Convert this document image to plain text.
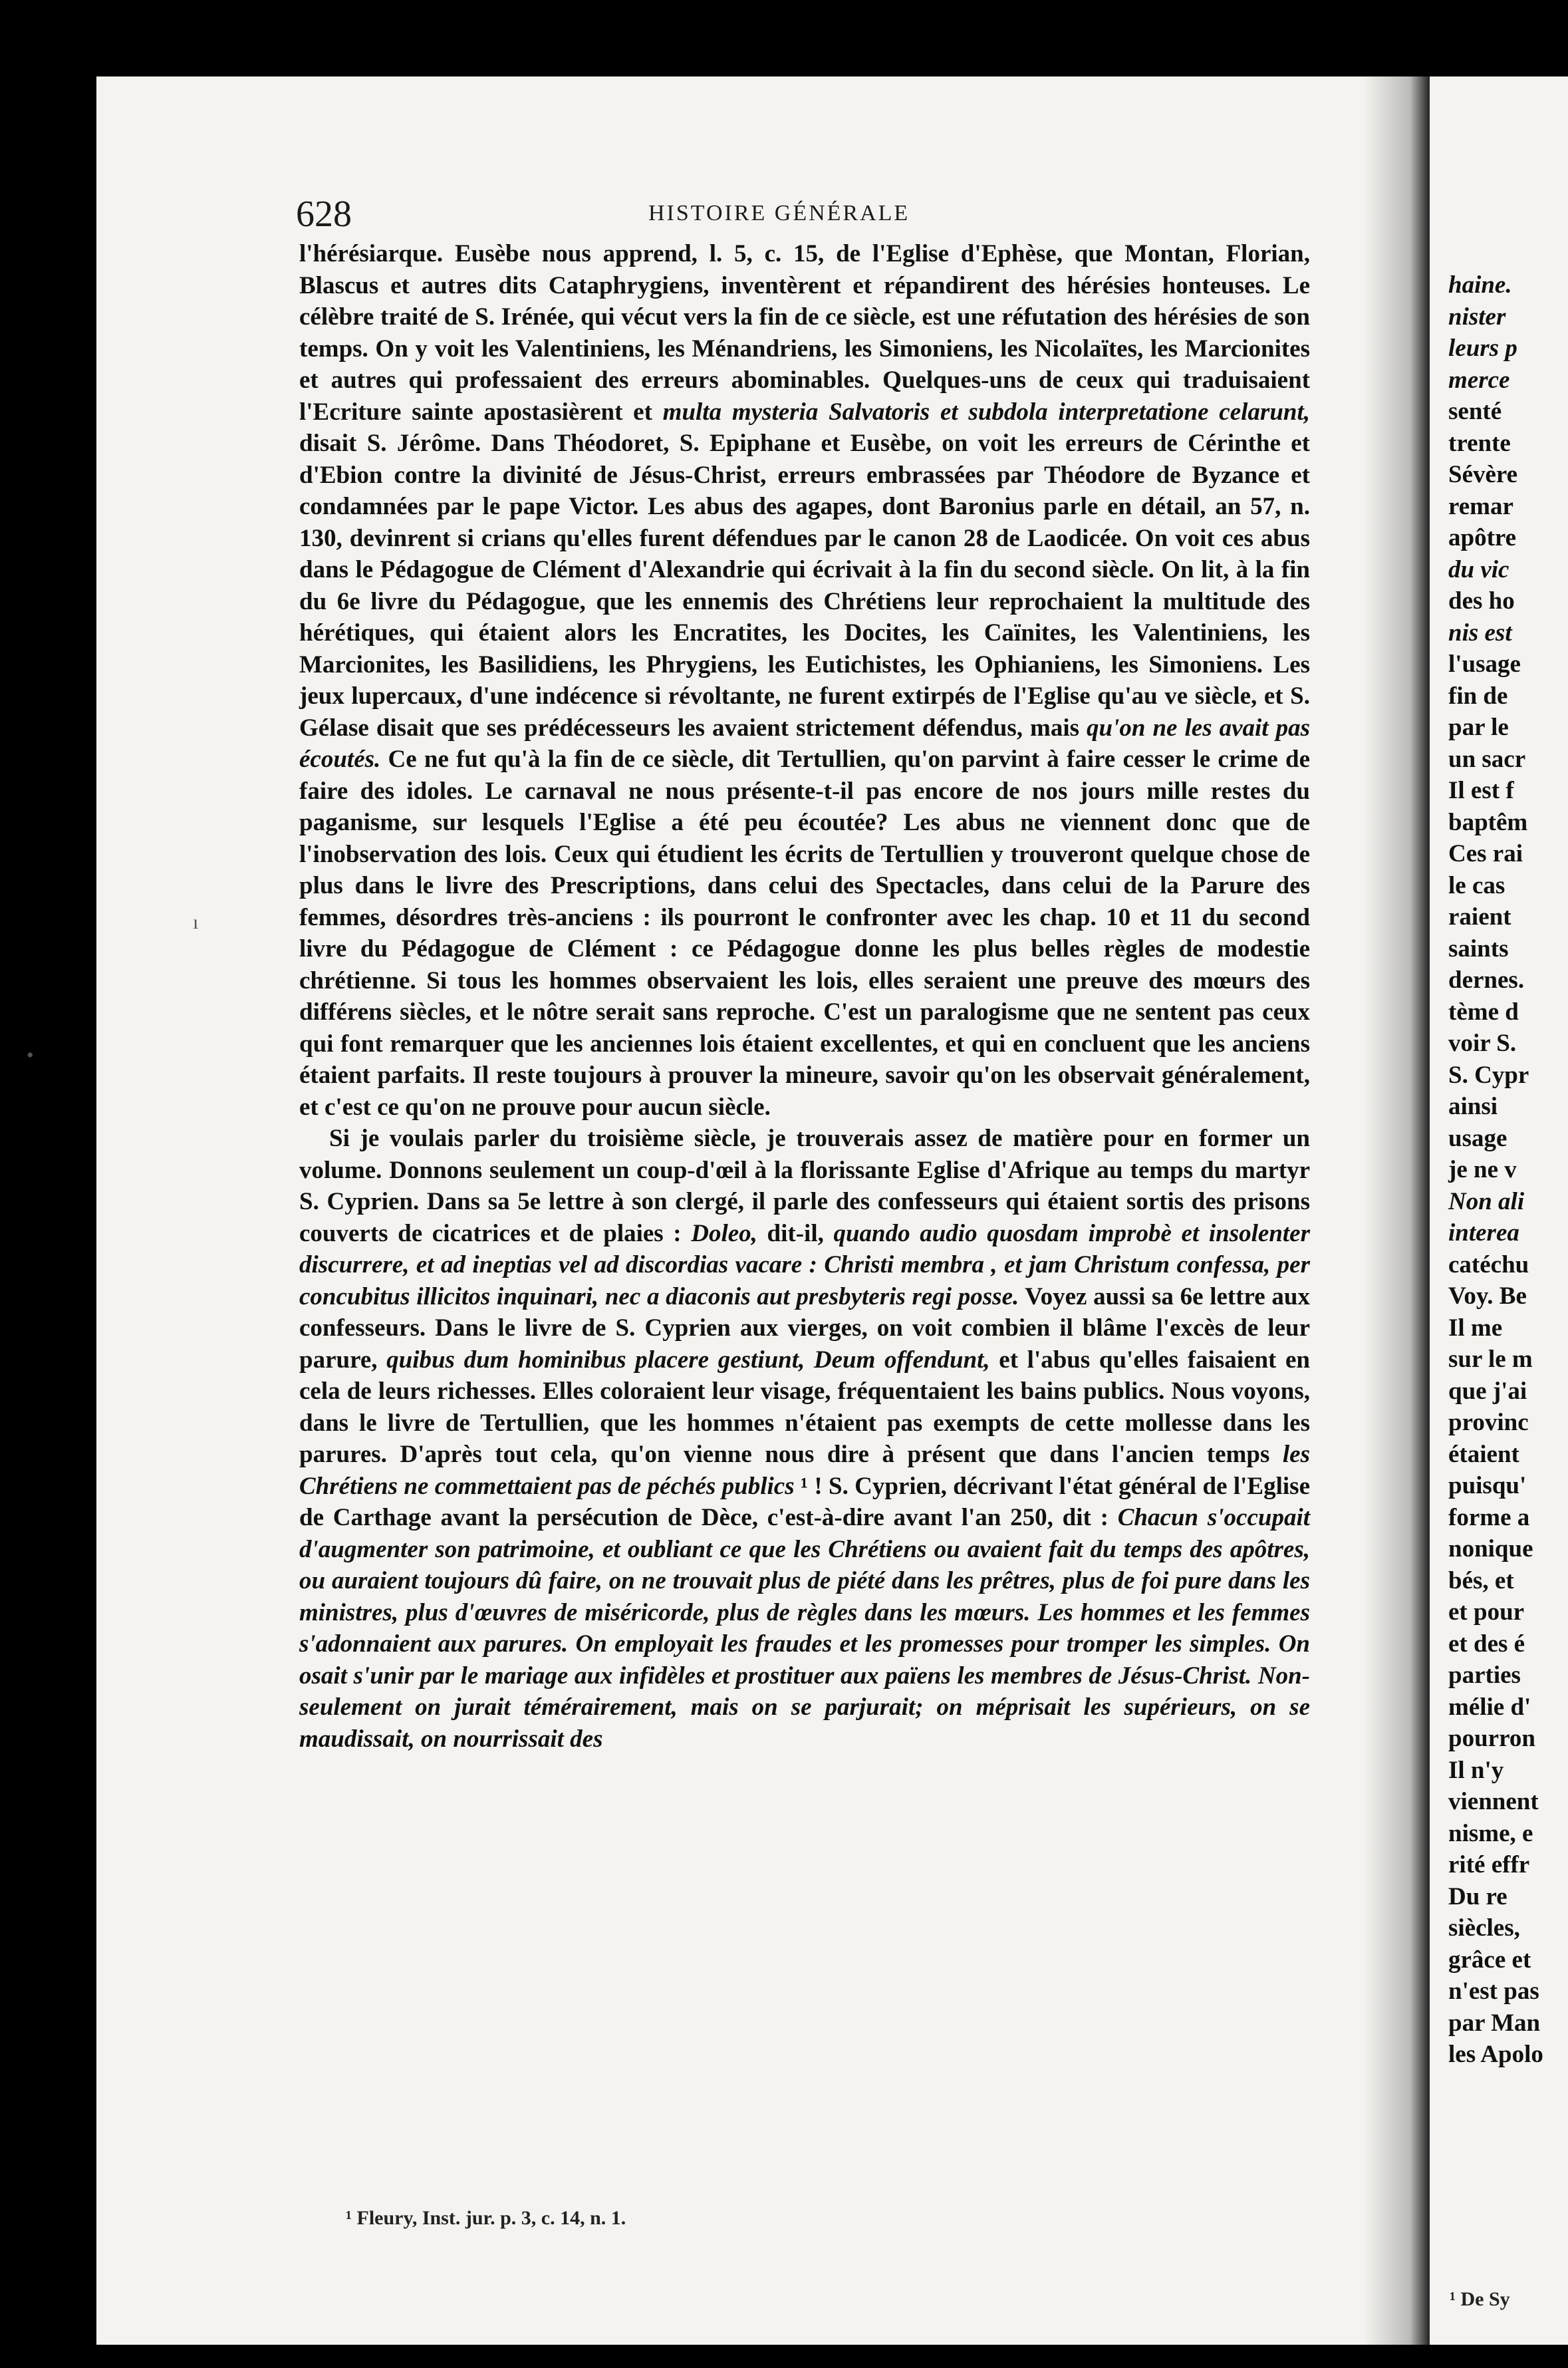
628	HISTOIRE GÉNÉRALE

l'hérésiarque. Eusèbe nous apprend, l. 5, c. 15, de l'Eglise d'Ephèse, que Montan, Florian, Blascus et autres dits Cataphrygiens, inventèrent et répandirent des hérésies honteuses. Le célèbre traité de S. Irénée, qui vécut vers la fin de ce siècle, est une réfutation des hérésies de son temps. On y voit les Valentiniens, les Ménandriens, les Simoniens, les Nicolaïtes, les Marcionites et autres qui professaient des erreurs abominables. Quelques-uns de ceux qui traduisaient l'Ecriture sainte apostasièrent et multa mysteria Salvatoris et subdola interpretatione celarunt, disait S. Jérôme. Dans Théodoret, S. Epiphane et Eusèbe, on voit les erreurs de Cérinthe et d'Ebion contre la divinité de Jésus-Christ, erreurs embrassées par Théodore de Byzance et condamnées par le pape Victor. Les abus des agapes, dont Baronius parle en détail, an 57, n. 130, devinrent si crians qu'elles furent défendues par le canon 28 de Laodicée. On voit ces abus dans le Pédagogue de Clément d'Alexandrie qui écrivait à la fin du second siècle. On lit, à la fin du 6e livre du Pédagogue, que les ennemis des Chrétiens leur reprochaient la multitude des hérétiques, qui étaient alors les Encratites, les Docites, les Caïnites, les Valentiniens, les Marcionites, les Basilidiens, les Phrygiens, les Eutichistes, les Ophianiens, les Simoniens. Les jeux lupercaux, d'une indécence si révoltante, ne furent extirpés de l'Eglise qu'au ve siècle, et S. Gélase disait que ses prédécesseurs les avaient strictement défendus, mais qu'on ne les avait pas écoutés. Ce ne fut qu'à la fin de ce siècle, dit Tertullien, qu'on parvint à faire cesser le crime de faire des idoles. Le carnaval ne nous présente-t-il pas encore de nos jours mille restes du paganisme, sur lesquels l'Eglise a été peu écoutée? Les abus ne viennent donc que de l'inobservation des lois. Ceux qui étudient les écrits de Tertullien y trouveront quelque chose de plus dans le livre des Prescriptions, dans celui des Spectacles, dans celui de la Parure des femmes, désordres très-anciens : ils pourront le confronter avec les chap. 10 et 11 du second livre du Pédagogue de Clément : ce Pédagogue donne les plus belles règles de modestie chrétienne. Si tous les hommes observaient les lois, elles seraient une preuve des mœurs des différens siècles, et le nôtre serait sans reproche. C'est un paralogisme que ne sentent pas ceux qui font remarquer que les anciennes lois étaient excellentes, et qui en concluent que les anciens étaient parfaits. Il reste toujours à prouver la mineure, savoir qu'on les observait généralement, et c'est ce qu'on ne prouve pour aucun siècle.

Si je voulais parler du troisième siècle, je trouverais assez de matière pour en former un volume. Donnons seulement un coup-d'œil à la florissante Eglise d'Afrique au temps du martyr S. Cyprien. Dans sa 5e lettre à son clergé, il parle des confesseurs qui étaient sortis des prisons couverts de cicatrices et de plaies : Doleo, dit-il, quando audio quosdam improbè et insolenter discurrere, et ad ineptias vel ad discordias vacare : Christi membra , et jam Christum confessa, per concubitus illicitos inquinari, nec a diaconis aut presbyteris regi posse. Voyez aussi sa 6e lettre aux confesseurs. Dans le livre de S. Cyprien aux vierges, on voit combien il blâme l'excès de leur parure, quibus dum hominibus placere gestiunt, Deum offendunt, et l'abus qu'elles faisaient en cela de leurs richesses. Elles coloraient leur visage, fréquentaient les bains publics. Nous voyons, dans le livre de Tertullien, que les hommes n'étaient pas exempts de cette mollesse dans les parures. D'après tout cela, qu'on vienne nous dire à présent que dans l'ancien temps les Chrétiens ne commettaient pas de péchés publics ¹ ! S. Cyprien, décrivant l'état général de l'Eglise de Carthage avant la persécution de Dèce, c'est-à-dire avant l'an 250, dit : Chacun s'occupait d'augmenter son patrimoine, et oubliant ce que les Chrétiens ou avaient fait du temps des apôtres, ou auraient toujours dû faire, on ne trouvait plus de piété dans les prêtres, plus de foi pure dans les ministres, plus d'œuvres de miséricorde, plus de règles dans les mœurs. Les hommes et les femmes s'adonnaient aux parures. On employait les fraudes et les promesses pour tromper les simples. On osait s'unir par le mariage aux infidèles et prostituer aux païens les membres de Jésus-Christ. Non-seulement on jurait témérairement, mais on se parjurait; on méprisait les supérieurs, on se maudissait, on nourrissait des

¹ Fleury, Inst. jur. p. 3, c. 14, n. 1.
haine.
nister
leurs p
merce
senté
trente
Sévère
remar
apôtre
du vic
des ho
nis est
l'usage
fin de
par le
un sacr
Il est f
baptêm
Ces rai
le cas
raient
saints
dernes.
tème d
voir S.
S. Cypr
ainsi
usage
je ne v
Non ali
interea
catéchu
Voy. Be
Il me
sur le m
que j'ai
provinc
étaient
puisqu'
forme a
nonique
bés, et
et pour
et des é
parties
mélie d'
pourron
Il n'y
viennent
nisme, e
rité effr
Du re
siècles,
grâce et
n'est pas
par Man
les Apolo
¹ De Sy
•
ı
